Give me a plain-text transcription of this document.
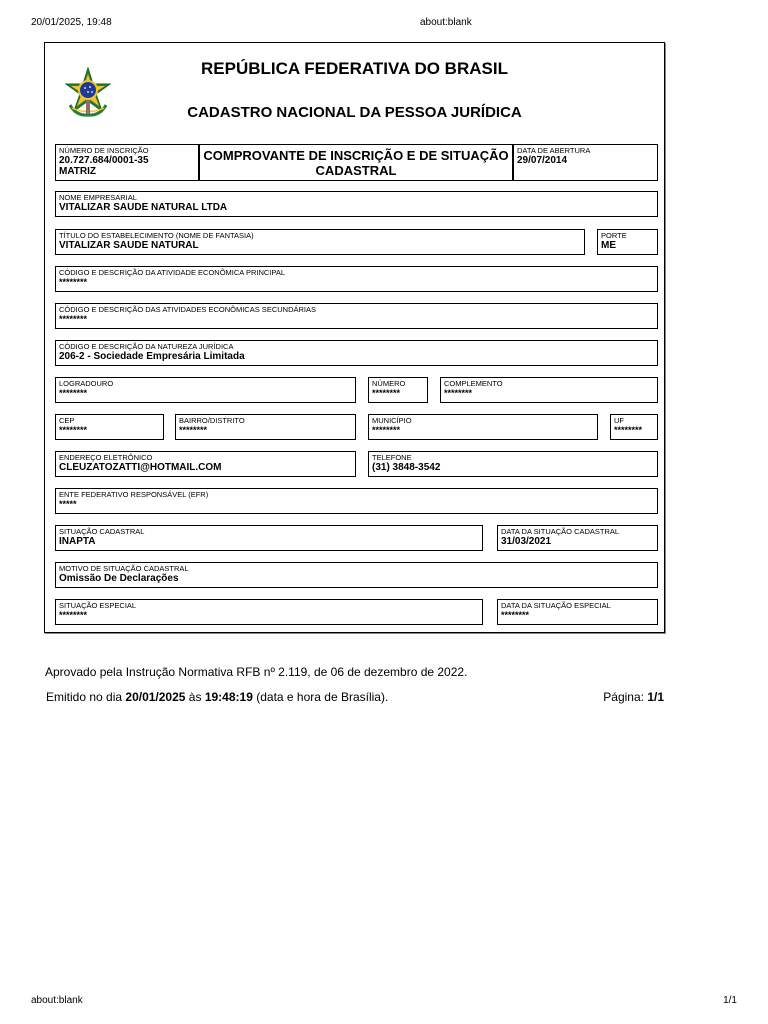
20/01/2025, 19:48	about:blank
REPÚBLICA FEDERATIVA DO BRASIL
CADASTRO NACIONAL DA PESSOA JURÍDICA
NÚMERO DE INSCRIÇÃO
20.727.684/0001-35
MATRIZ
COMPROVANTE DE INSCRIÇÃO E DE SITUAÇÃO CADASTRAL
DATA DE ABERTURA
29/07/2014
NOME EMPRESARIAL
VITALIZAR SAUDE NATURAL LTDA
TÍTULO DO ESTABELECIMENTO (NOME DE FANTASIA)
VITALIZAR SAUDE NATURAL
PORTE
ME
CÓDIGO E DESCRIÇÃO DA ATIVIDADE ECONÔMICA PRINCIPAL
********
CÓDIGO E DESCRIÇÃO DAS ATIVIDADES ECONÔMICAS SECUNDÁRIAS
********
CÓDIGO E DESCRIÇÃO DA NATUREZA JURÍDICA
206-2 - Sociedade Empresária Limitada
LOGRADOURO
********
NÚMERO
********
COMPLEMENTO
********
CEP
********
BAIRRO/DISTRITO
********
MUNICÍPIO
********
UF
********
ENDEREÇO ELETRÔNICO
CLEUZATOZATTI@HOTMAIL.COM
TELEFONE
(31) 3848-3542
ENTE FEDERATIVO RESPONSÁVEL (EFR)
*****
SITUAÇÃO CADASTRAL
INAPTA
DATA DA SITUAÇÃO CADASTRAL
31/03/2021
MOTIVO DE SITUAÇÃO CADASTRAL
Omissão De Declarações
SITUAÇÃO ESPECIAL
********
DATA DA SITUAÇÃO ESPECIAL
********
Aprovado pela Instrução Normativa RFB nº 2.119, de 06 de dezembro de 2022.
Emitido no dia 20/01/2025 às 19:48:19 (data e hora de Brasília).	Página: 1/1
about:blank	1/1
